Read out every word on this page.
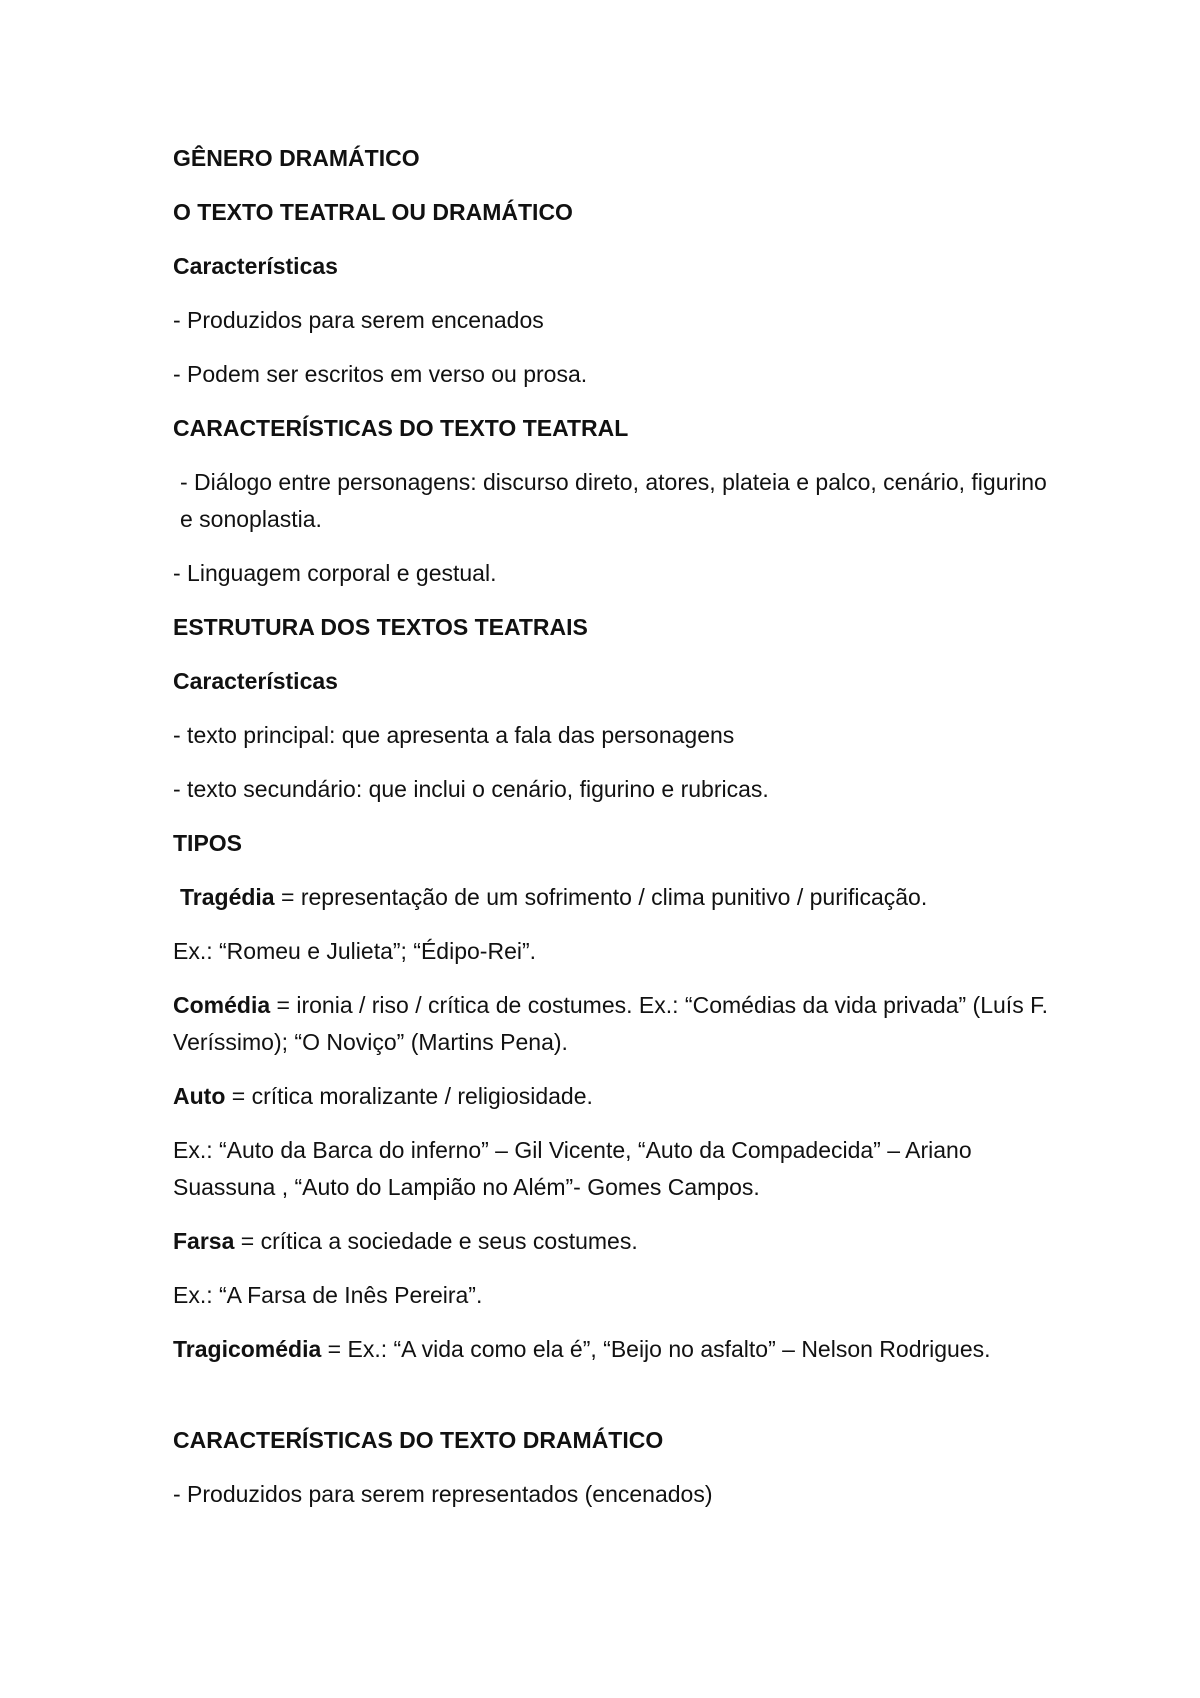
GÊNERO DRAMÁTICO

O TEXTO TEATRAL OU DRAMÁTICO

Características

- Produzidos para serem encenados

- Podem ser escritos em verso ou prosa.

CARACTERÍSTICAS DO TEXTO TEATRAL

- Diálogo entre personagens: discurso direto, atores, plateia e palco, cenário, figurino e sonoplastia.

- Linguagem corporal e gestual.

ESTRUTURA DOS TEXTOS TEATRAIS

Características

- texto principal: que apresenta a fala das personagens

- texto secundário: que inclui o cenário, figurino e rubricas.

TIPOS

Tragédia = representação de um sofrimento / clima punitivo / purificação.

Ex.: “Romeu e Julieta”; “Édipo-Rei”.

Comédia = ironia / riso / crítica de costumes. Ex.: “Comédias da vida privada” (Luís F. Veríssimo); “O Noviço” (Martins Pena).

Auto = crítica moralizante / religiosidade.

Ex.: “Auto da Barca do inferno” – Gil Vicente, “Auto da Compadecida” – Ariano Suassuna , “Auto do Lampião no Além”- Gomes Campos.

Farsa = crítica a sociedade e seus costumes.

Ex.: “A Farsa de Inês Pereira”.

Tragicomédia = Ex.: “A vida como ela é”, “Beijo no asfalto” – Nelson Rodrigues.

CARACTERÍSTICAS DO TEXTO DRAMÁTICO

- Produzidos para serem representados (encenados)
